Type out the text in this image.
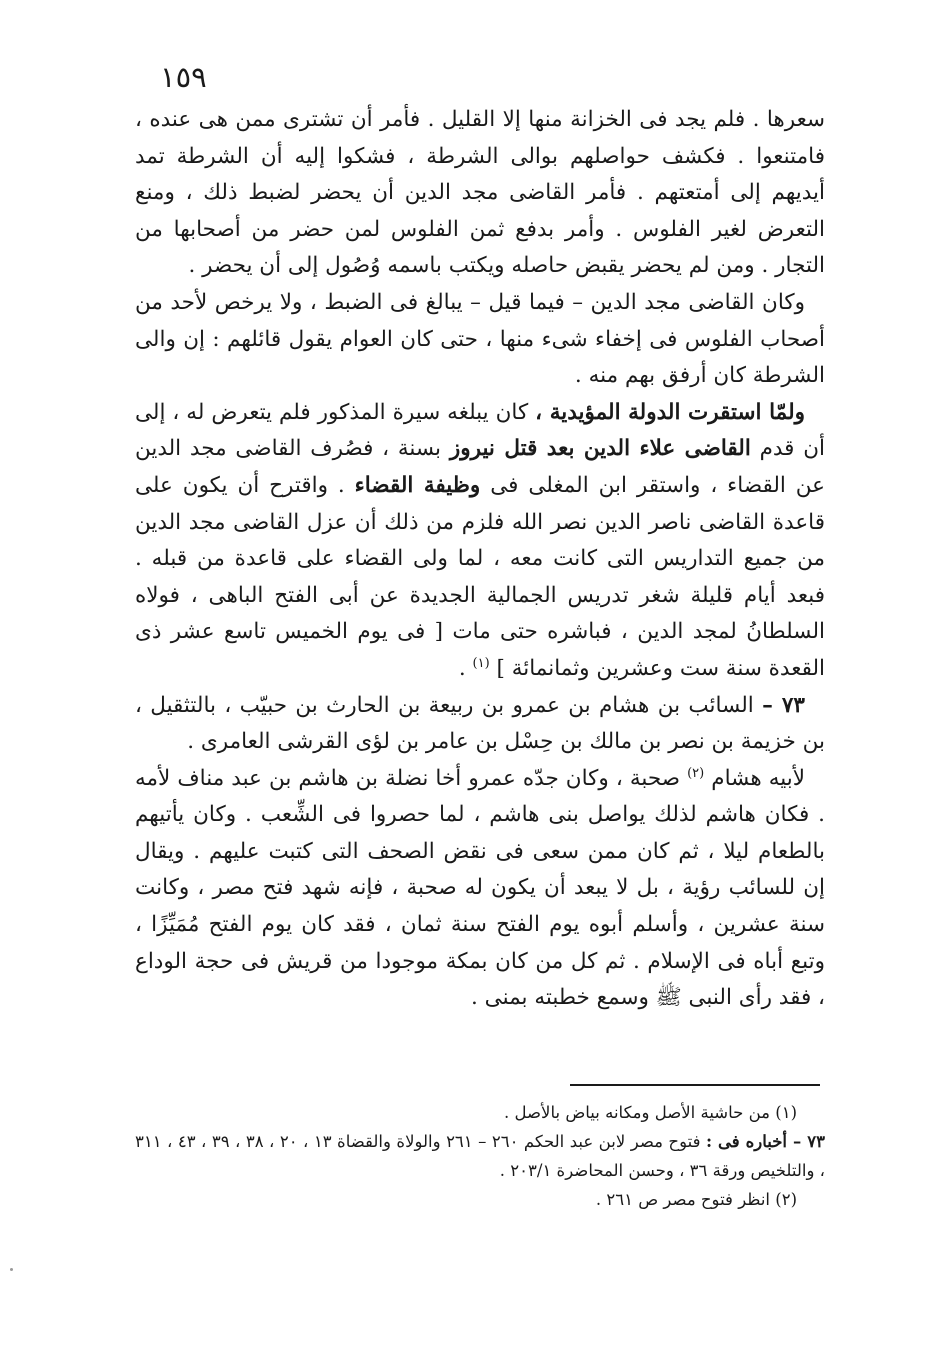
١٥٩

سعرها . فلم يجد فى الخزانة منها إلا القليل . فأمر أن تشترى ممن هى عنده ، فامتنعوا . فكشف حواصلهم بوالى الشرطة ، فشكوا إليه أن الشرطة تمد أيديهم إلى أمتعتهم . فأمر القاضى مجد الدين أن يحضر لضبط ذلك ، ومنع التعرض لغير الفلوس . وأمر بدفع ثمن الفلوس لمن حضر من أصحابها من التجار . ومن لم يحضر يقبض حاصله ويكتب باسمه وُصُول إلى أن يحضر .

وكان القاضى مجد الدين – فيما قيل – يبالغ فى الضبط ، ولا يرخص لأحد من أصحاب الفلوس فى إخفاء شىء منها ، حتى كان العوام يقول قائلهم : إن والى الشرطة كان أرفق بهم منه .

ولمّا استقرت الدولة المؤيدية ، كان يبلغه سيرة المذكور فلم يتعرض له ، إلى أن قدم القاضى علاء الدين بعد قتل نيروز بسنة ، فصُرف القاضى مجد الدين عن القضاء ، واستقر ابن المغلى فى وظيفة القضاء . واقترح أن يكون على قاعدة القاضى ناصر الدين نصر الله فلزم من ذلك أن عزل القاضى مجد الدين من جميع التداريس التى كانت معه ، لما ولى القضاء على قاعدة من قبله . فبعد أيام قليلة شغر تدريس الجمالية الجديدة عن أبى الفتح الباهى ، فولاه السلطانُ لمجد الدين ، فباشره حتى مات [ فى يوم الخميس تاسع عشر ذى القعدة سنة ست وعشرين وثمانمائة ] $^{(١)}$ .

٧٣ – السائب بن هشام بن عمرو بن ربيعة بن الحارث بن حبيّب ، بالتثقيل ، بن خزيمة بن نصر بن مالك بن حِسْل بن عامر بن لؤى القرشى العامرى .

لأبيه هشام $^{(٢)}$ صحبة ، وكان جدّه عمرو أخا نضلة بن هاشم بن عبد مناف لأمه . فكان هاشم لذلك يواصل بنى هاشم ، لما حصروا فى الشِّعب . وكان يأتيهم بالطعام ليلا ، ثم كان ممن سعى فى نقض الصحف التى كتبت عليهم . ويقال إن للسائب رؤية ، بل لا يبعد أن يكون له صحبة ، فإنه شهد فتح مصر ، وكانت سنة عشرين ، وأسلم أبوه يوم الفتح سنة ثمان ، فقد كان يوم الفتح مُمَيِّزًا ، وتبع أباه فى الإسلام . ثم كل من كان بمكة موجودا من قريش فى حجة الوداع ، فقد رأى النبى ﷺ وسمع خطبته بمنى .

(١) من حاشية الأصل ومكانه بياض بالأصل .

٧٣ – أخباره فى : فتوح مصر لابن عبد الحكم ٢٦٠ – ٢٦١ والولاة والقضاة ١٣ ، ٢٠ ، ٣٨ ، ٣٩ ، ٤٣ ، ٣١١ ، والتلخيص ورقة ٣٦ ، وحسن المحاضرة ٢٠٣/١ .

(٢) انظر فتوح مصر ص ٢٦١ .
